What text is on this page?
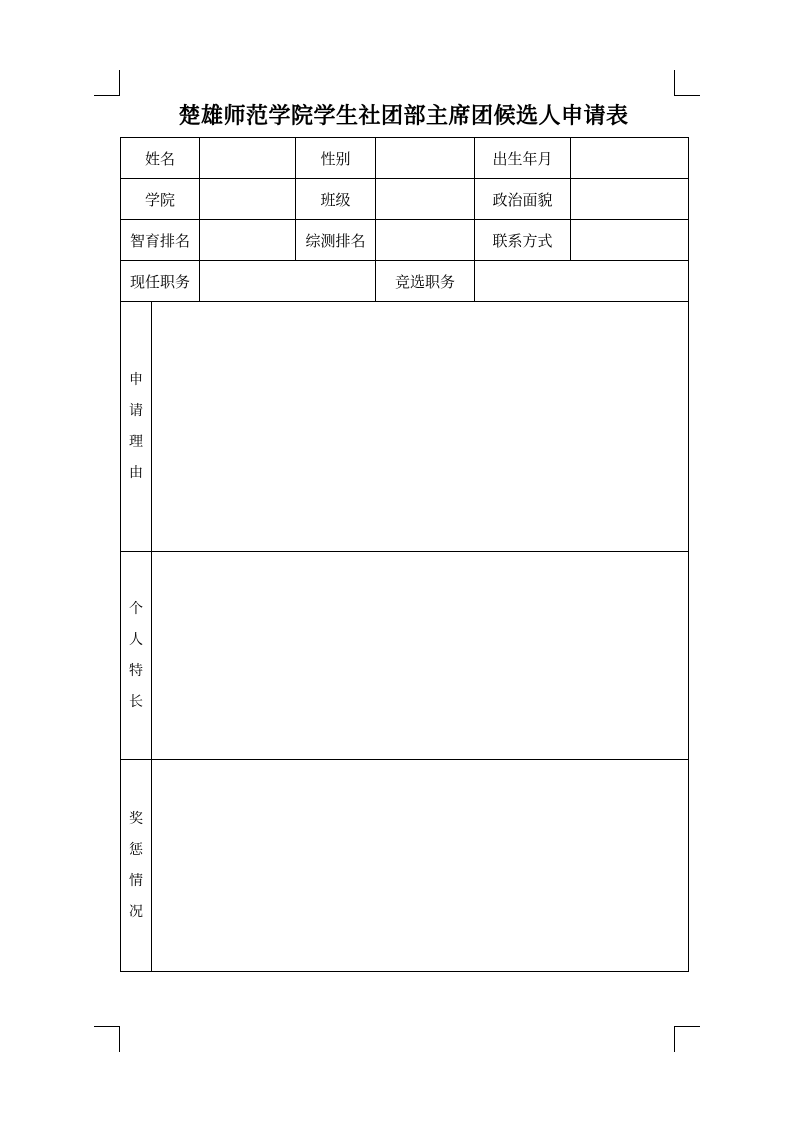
楚雄师范学院学生社团部主席团候选人申请表
姓名			性别		出生年月	
学院			班级		政治面貌	
智育排名			综测排名		联系方式	
现任职务				竞选职务		

申
请
理
由						

个
人
特
长						

奖
惩
情
况						
